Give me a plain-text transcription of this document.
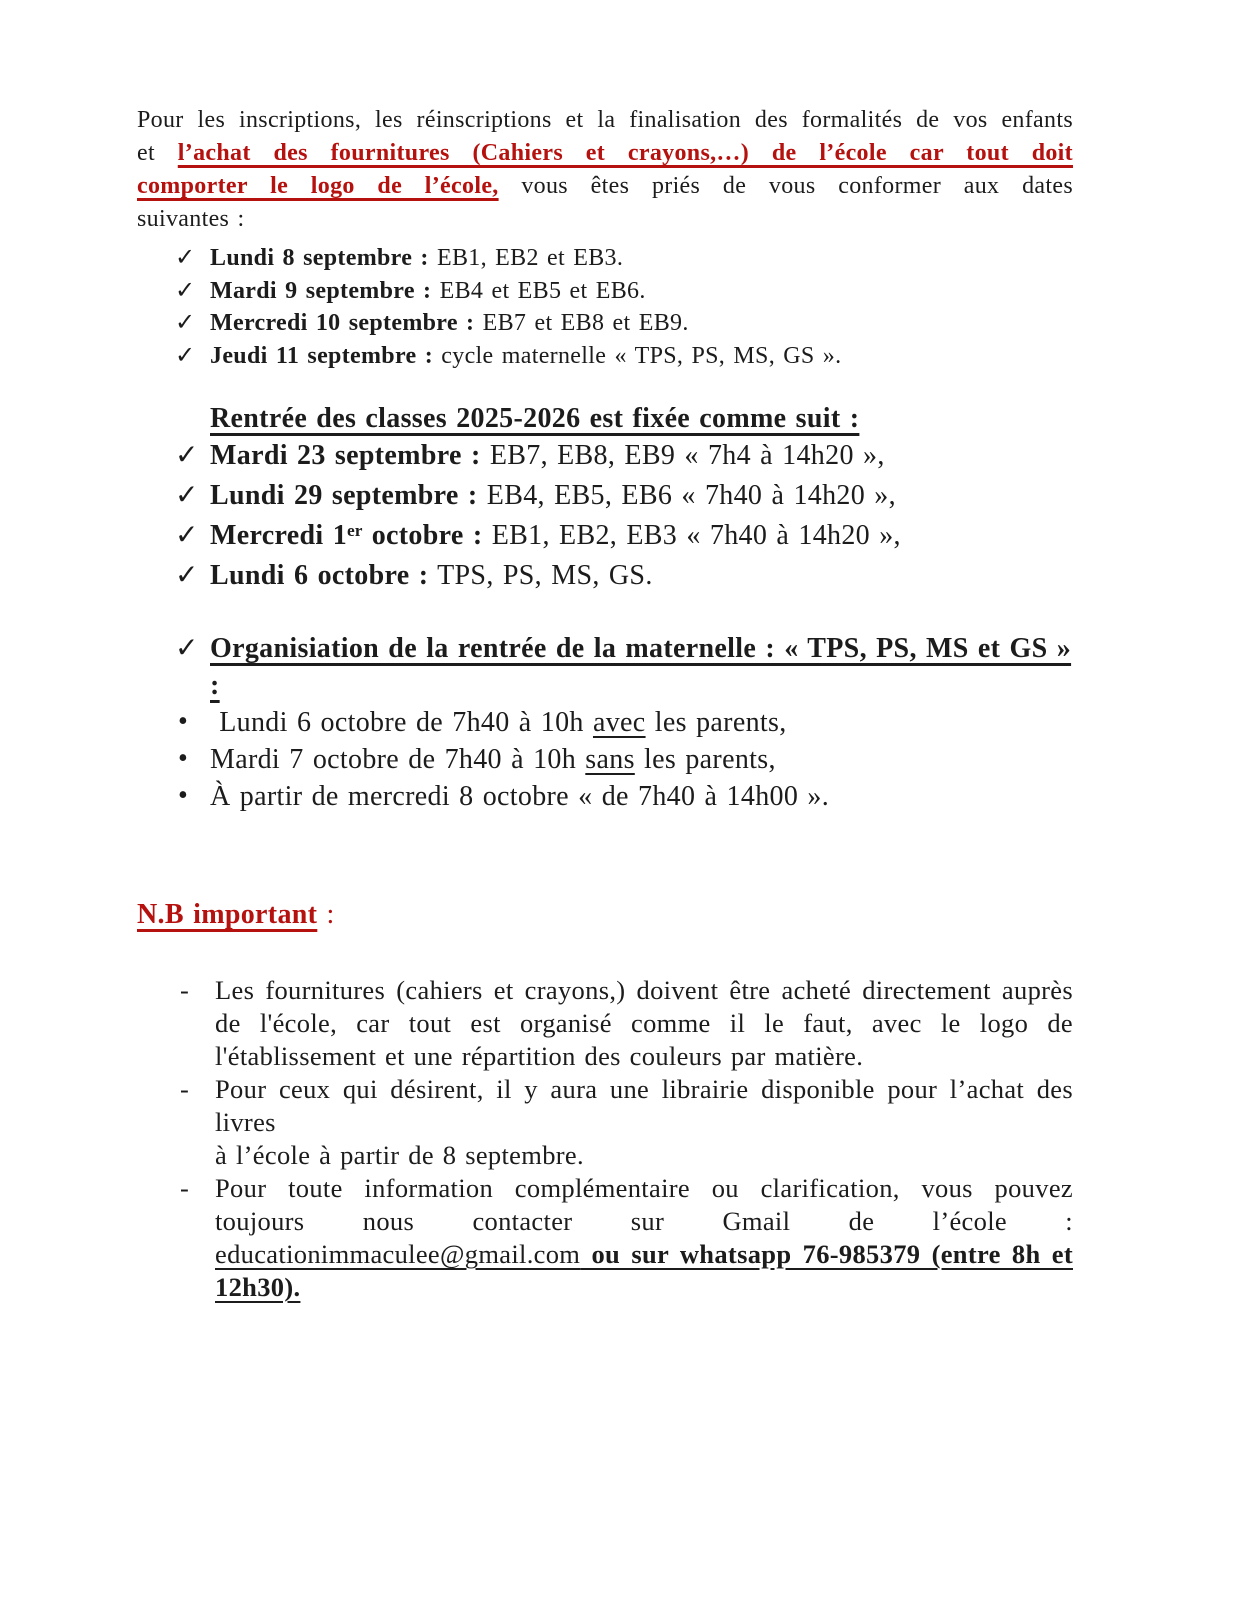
Pour les inscriptions, les réinscriptions et la finalisation des formalités de vos enfants
et l’achat des fournitures (Cahiers et crayons,…) de l’école car tout doit
comporter le logo de l’école, vous êtes priés de vous conformer aux dates
suivantes :
✓ Lundi 8 septembre : EB1, EB2 et EB3.
✓ Mardi 9 septembre : EB4 et EB5 et EB6.
✓ Mercredi 10 septembre : EB7 et EB8 et EB9.
✓ Jeudi 11 septembre : cycle maternelle « TPS, PS, MS, GS ».
Rentrée des classes 2025-2026 est fixée comme suit :
✓ Mardi 23 septembre : EB7, EB8, EB9 « 7h4 à 14h20 »,
✓ Lundi 29 septembre : EB4, EB5, EB6 « 7h40 à 14h20 »,
✓ Mercredi 1er octobre : EB1, EB2, EB3 « 7h40 à 14h20 »,
✓ Lundi 6 octobre : TPS, PS, MS, GS.
✓ Organisiation de la rentrée de la maternelle : « TPS, PS, MS et GS » :
• Lundi 6 octobre de 7h40 à 10h avec les parents,
• Mardi 7 octobre de 7h40 à 10h sans les parents,
• À partir de mercredi 8 octobre « de 7h40 à 14h00 ».
N.B important :
- Les fournitures (cahiers et crayons,) doivent être acheté directement auprès
de l'école, car tout est organisé comme il le faut, avec le logo de
l'établissement et une répartition des couleurs par matière.
- Pour ceux qui désirent, il y aura une librairie disponible pour l’achat des livres
à l’école à partir de 8 septembre.
- Pour toute information complémentaire ou clarification, vous pouvez
toujours nous contacter sur Gmail de l’école :
educationimmaculee@gmail.com ou sur whatsapp 76-985379 (entre 8h et
12h30).
